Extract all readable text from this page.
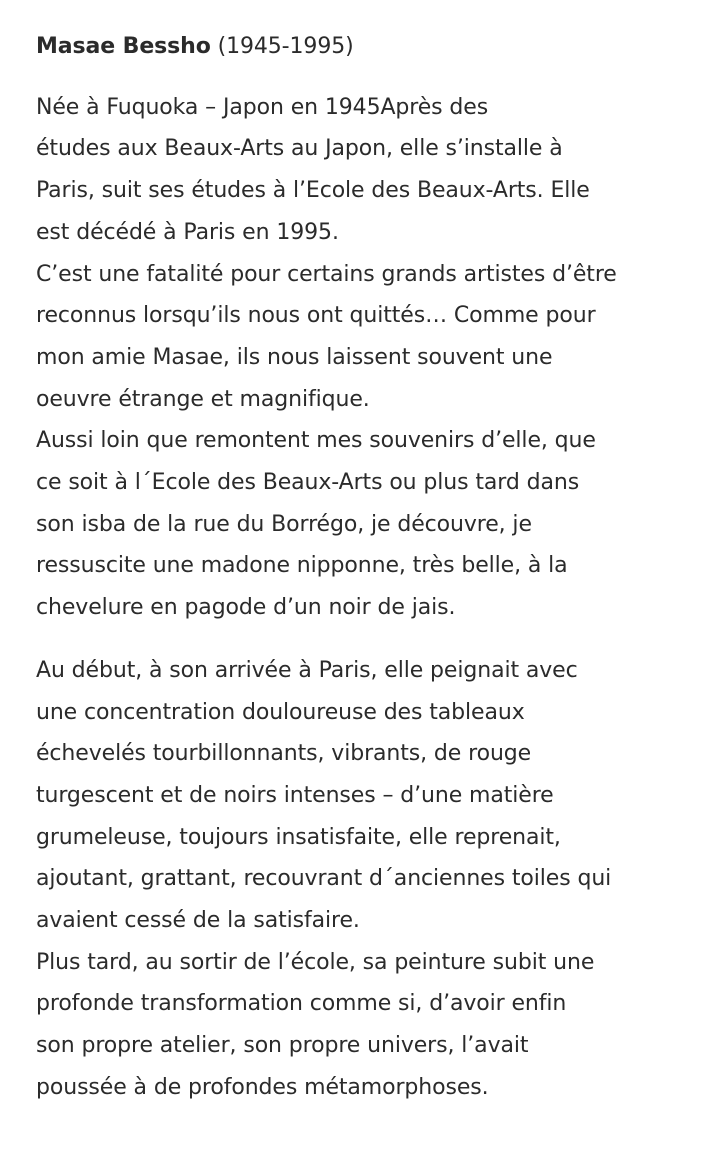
Masae Bessho (1945-1995)

Née à Fuquoka – Japon en 1945Après des
études aux Beaux-Arts au Japon, elle s’installe à
Paris, suit ses études à l’Ecole des Beaux-Arts. Elle
est décédé à Paris en 1995.

C’est une fatalité pour certains grands artistes d’être
reconnus lorsqu’ils nous ont quittés… Comme pour
mon amie Masae, ils nous laissent souvent une
oeuvre étrange et magnifique.

Aussi loin que remontent mes souvenirs d’elle, que
ce soit à l´Ecole des Beaux-Arts ou plus tard dans
son isba de la rue du Borrégo, je découvre, je
ressuscite une madone nipponne, très belle, à la
chevelure en pagode d’un noir de jais.

Au début, à son arrivée à Paris, elle peignait avec
une concentration douloureuse des tableaux
échevelés tourbillonnants, vibrants, de rouge
turgescent et de noirs intenses – d’une matière
grumeleuse, toujours insatisfaite, elle reprenait,
ajoutant, grattant, recouvrant d´anciennes toiles qui
avaient cessé de la satisfaire.

Plus tard, au sortir de l’école, sa peinture subit une
profonde transformation comme si, d’avoir enfin
son propre atelier, son propre univers, l’avait
poussée à de profondes métamorphoses.
